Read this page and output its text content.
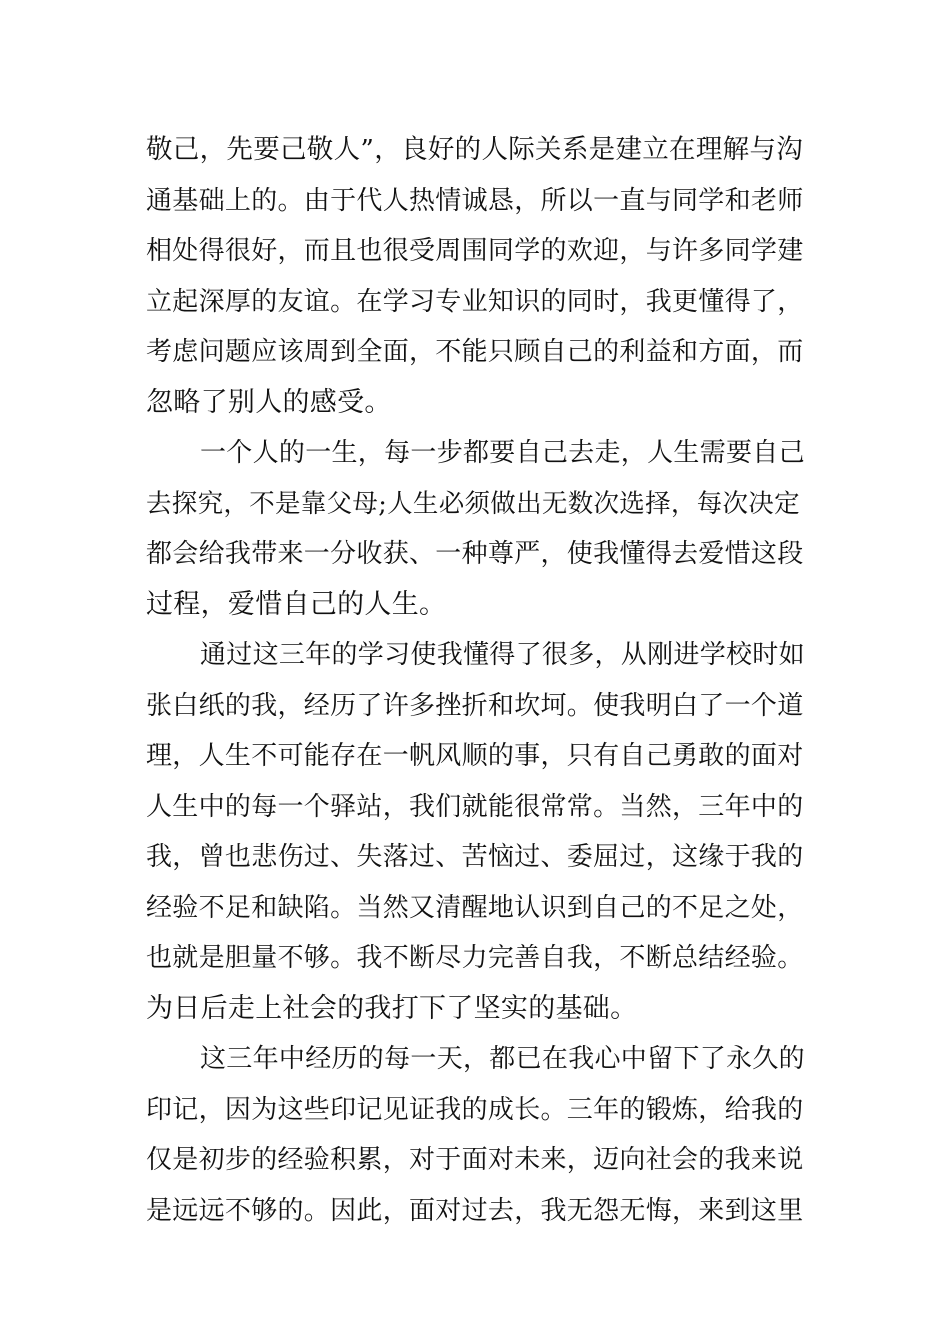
敬己，先要己敬人”，良好的人际关系是建立在理解与沟
通基础上的。由于代人热情诚恳，所以一直与同学和老师
相处得很好，而且也很受周围同学的欢迎，与许多同学建
立起深厚的友谊。在学习专业知识的同时，我更懂得了，
考虑问题应该周到全面，不能只顾自己的利益和方面，而
忽略了别人的感受。
一个人的一生，每一步都要自己去走，人生需要自己
去探究，不是靠父母;人生必须做出无数次选择，每次决定
都会给我带来一分收获、一种尊严，使我懂得去爱惜这段
过程，爱惜自己的人生。
通过这三年的学习使我懂得了很多，从刚进学校时如
张白纸的我，经历了许多挫折和坎坷。使我明白了一个道
理，人生不可能存在一帆风顺的事，只有自己勇敢的面对
人生中的每一个驿站，我们就能很常常。当然，三年中的
我，曾也悲伤过、失落过、苦恼过、委屈过，这缘于我的
经验不足和缺陷。当然又清醒地认识到自己的不足之处，
也就是胆量不够。我不断尽力完善自我，不断总结经验。
为日后走上社会的我打下了坚实的基础。
这三年中经历的每一天，都已在我心中留下了永久的
印记，因为这些印记见证我的成长。三年的锻炼，给我的
仅是初步的经验积累，对于面对未来，迈向社会的我来说
是远远不够的。因此，面对过去，我无怨无悔，来到这里
